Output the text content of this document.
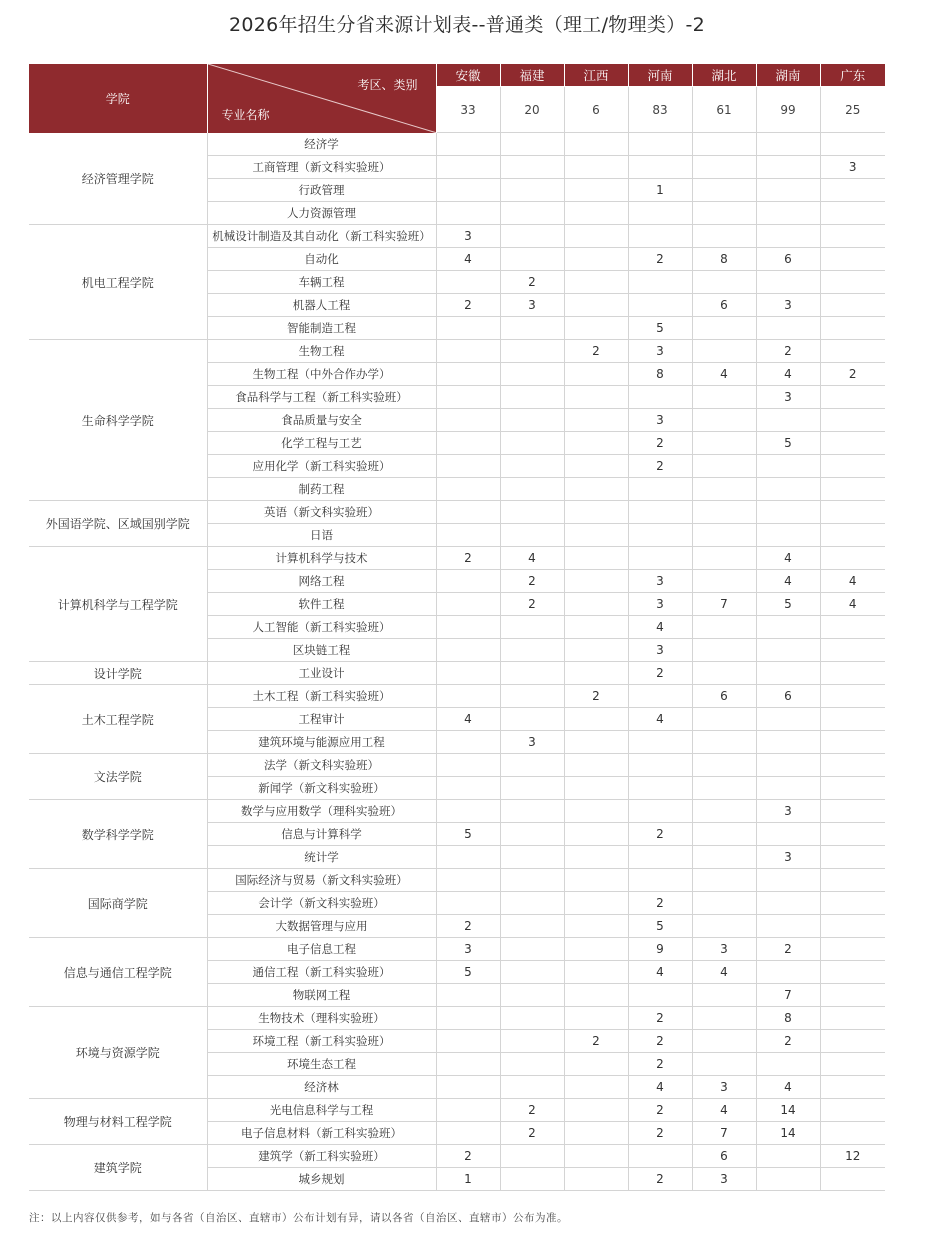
2026年招生分省来源计划表--普通类（理工/物理类）-2
学院	考区、类别
专业名称	安徽	福建	江西	河南	湖北	湖南	广东
		33	20	6	83	61	99	25
经济管理学院	经济学							
	工商管理（新文科实验班）							3
	行政管理				1			
	人力资源管理							
机电工程学院	机械设计制造及其自动化（新工科实验班）	3						
	自动化	4			2	8	6	
	车辆工程		2					
	机器人工程	2	3			6	3	
	智能制造工程				5			
生命科学学院	生物工程			2	3		2	
	生物工程（中外合作办学）				8	4	4	2
	食品科学与工程（新工科实验班）						3	
	食品质量与安全				3			
	化学工程与工艺				2		5	
	应用化学（新工科实验班）				2			
	制药工程							
外国语学院、区域国别学院	英语（新文科实验班）							
	日语							
计算机科学与工程学院	计算机科学与技术	2	4				4	
	网络工程		2		3		4	4
	软件工程		2		3	7	5	4
	人工智能（新工科实验班）				4			
	区块链工程				3			
设计学院	工业设计				2			
土木工程学院	土木工程（新工科实验班）			2		6	6	
	工程审计	4			4			
	建筑环境与能源应用工程		3					
文法学院	法学（新文科实验班）							
	新闻学（新文科实验班）							
数学科学学院	数学与应用数学（理科实验班）						3	
	信息与计算科学	5			2			
	统计学						3	
国际商学院	国际经济与贸易（新文科实验班）							
	会计学（新文科实验班）				2			
	大数据管理与应用	2			5			
信息与通信工程学院	电子信息工程	3			9	3	2	
	通信工程（新工科实验班）	5			4	4		
	物联网工程						7	
环境与资源学院	生物技术（理科实验班）				2		8	
	环境工程（新工科实验班）			2	2		2	
	环境生态工程				2			
	经济林				4	3	4	
物理与材料工程学院	光电信息科学与工程		2		2	4	14	
	电子信息材料（新工科实验班）		2		2	7	14	
建筑学院	建筑学（新工科实验班）	2				6		12
	城乡规划	1			2	3		
注：以上内容仅供参考，如与各省（自治区、直辖市）公布计划有异，请以各省（自治区、直辖市）公布为准。
